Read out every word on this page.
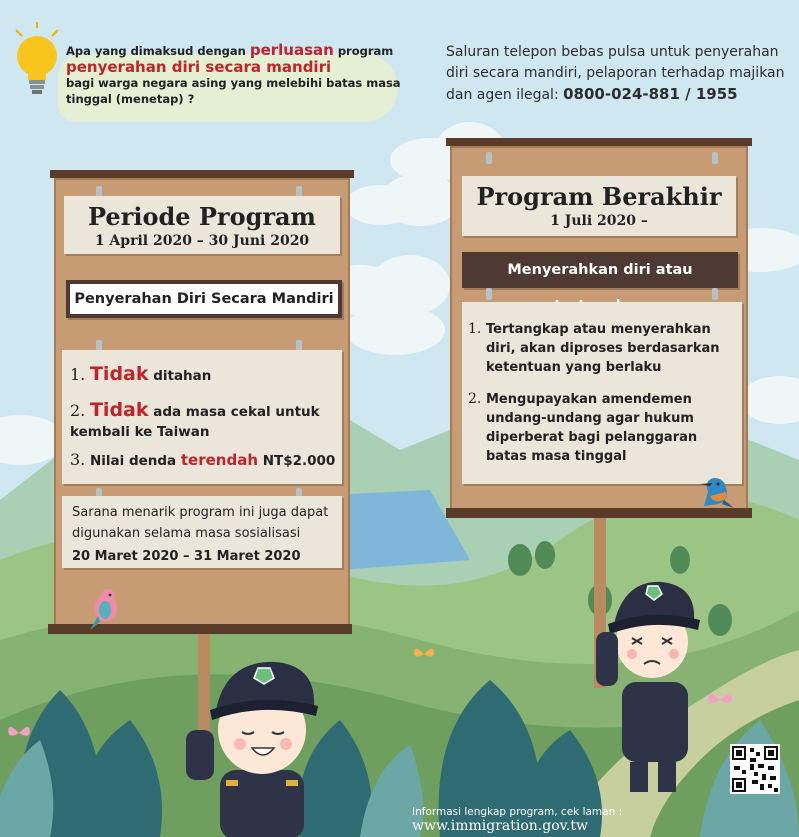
Apa yang dimaksud dengan perluasan program
penyerahan diri secara mandiri
bagi warga negara asing yang melebihi batas masa
tinggal (menetap) ?
Saluran telepon bebas pulsa untuk penyerahan
diri secara mandiri, pelaporan terhadap majikan
dan agen ilegal: 0800-024-881 / 1955
Periode Program
1 April 2020 – 30 Juni 2020
Penyerahan Diri Secara Mandiri
1. Tidak ditahan
2. Tidak ada masa cekal untuk
kembali ke Taiwan
3. Nilai denda terendah NT$2.000
Sarana menarik program ini juga dapat
digunakan selama masa sosialisasi
20 Maret 2020 – 31 Maret 2020
Program Berakhir
1 Juli 2020 –
Menyerahkan diri atau
1. Tertangkap atau menyerahkan
diri, akan diproses berdasarkan
ketentuan yang berlaku
2. Mengupayakan amendemen
undang-undang agar hukum
diperberat bagi pelanggaran
batas masa tinggal
Informasi lengkap program, cek laman : www.immigration.gov.tw
